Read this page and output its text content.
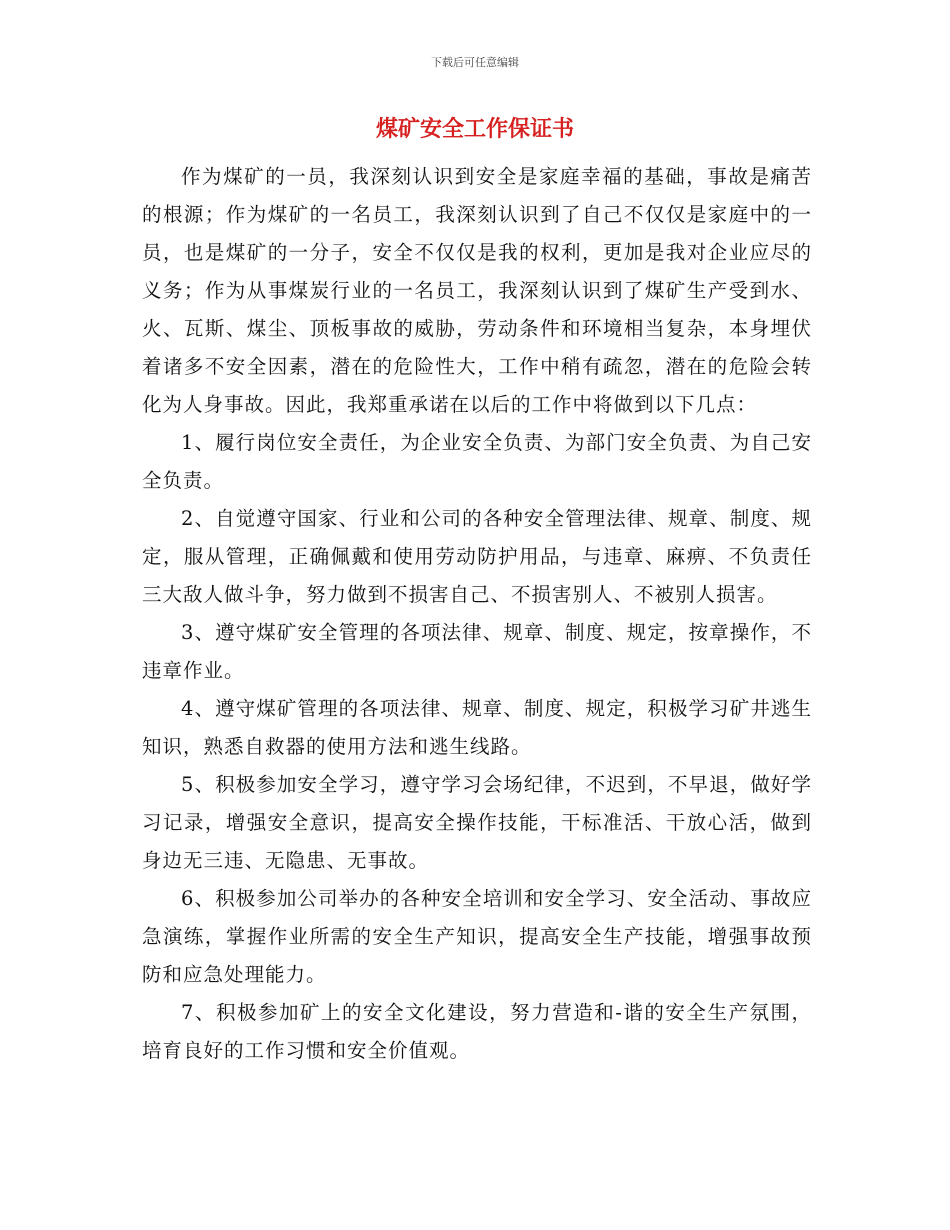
下载后可任意编辑
煤矿安全工作保证书

作为煤矿的一员，我深刻认识到安全是家庭幸福的基础，事故是痛苦的根源；作为煤矿的一名员工，我深刻认识到了自己不仅仅是家庭中的一员，也是煤矿的一分子，安全不仅仅是我的权利，更加是我对企业应尽的义务；作为从事煤炭行业的一名员工，我深刻认识到了煤矿生产受到水、火、瓦斯、煤尘、顶板事故的威胁，劳动条件和环境相当复杂，本身埋伏着诸多不安全因素，潜在的危险性大，工作中稍有疏忽，潜在的危险会转化为人身事故。因此，我郑重承诺在以后的工作中将做到以下几点：

1、履行岗位安全责任，为企业安全负责、为部门安全负责、为自己安全负责。

2、自觉遵守国家、行业和公司的各种安全管理法律、规章、制度、规定，服从管理，正确佩戴和使用劳动防护用品，与违章、麻痹、不负责任三大敌人做斗争，努力做到不损害自己、不损害别人、不被别人损害。

3、遵守煤矿安全管理的各项法律、规章、制度、规定，按章操作，不违章作业。

4、遵守煤矿管理的各项法律、规章、制度、规定，积极学习矿井逃生知识，熟悉自救器的使用方法和逃生线路。

5、积极参加安全学习，遵守学习会场纪律，不迟到，不早退，做好学习记录，增强安全意识，提高安全操作技能，干标准活、干放心活，做到身边无三违、无隐患、无事故。

6、积极参加公司举办的各种安全培训和安全学习、安全活动、事故应急演练，掌握作业所需的安全生产知识，提高安全生产技能，增强事故预防和应急处理能力。

7、积极参加矿上的安全文化建设，努力营造和-谐的安全生产氛围，培育良好的工作习惯和安全价值观。
